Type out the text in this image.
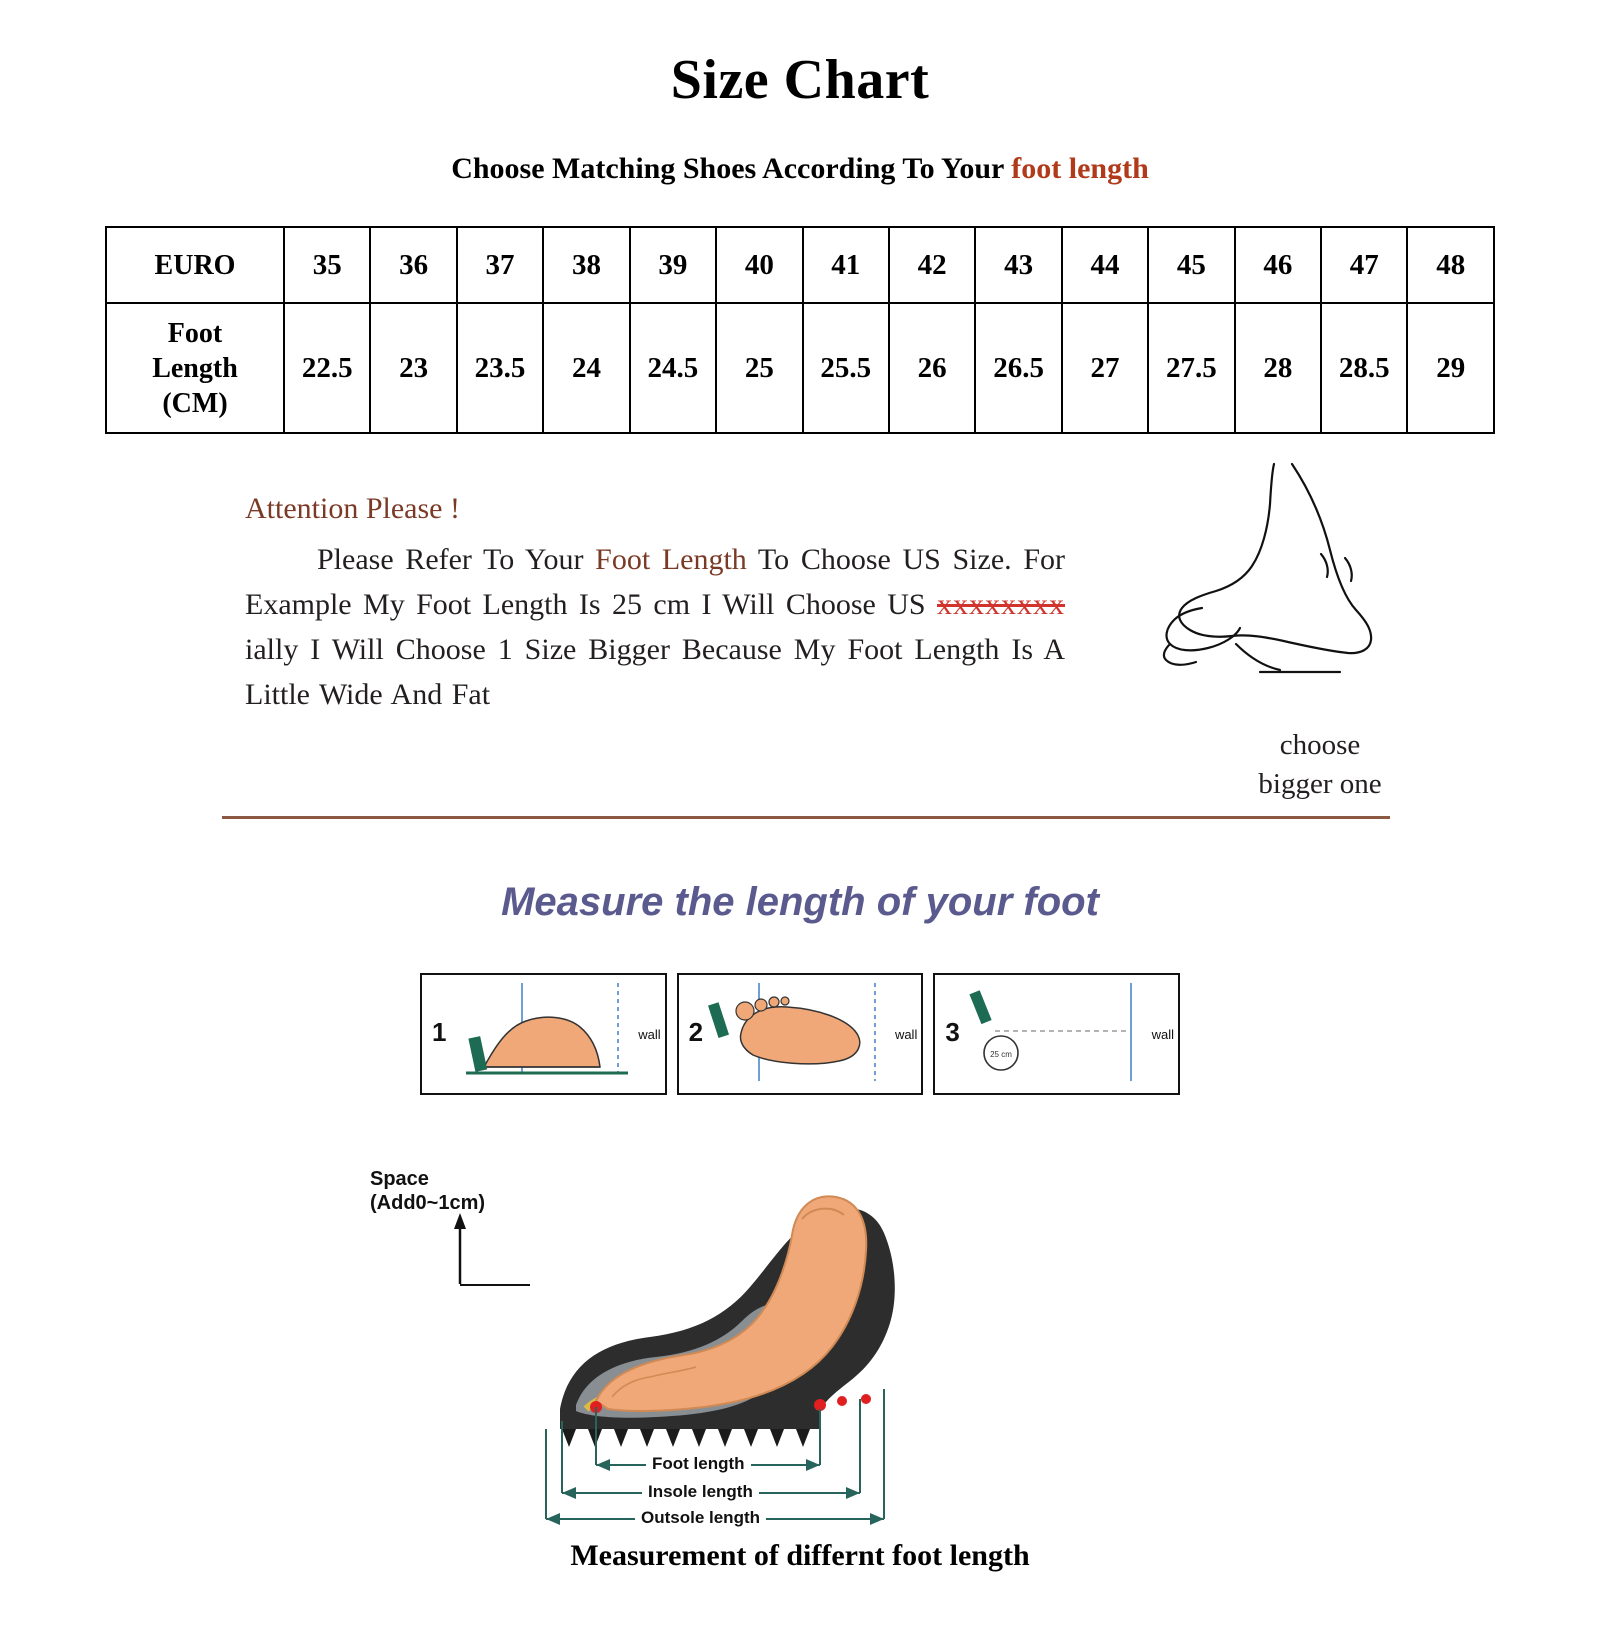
Size Chart
Choose Matching Shoes According To Your foot length
EURO	35	36	37	38	39	40	41	42	43	44	45	46	47	48

Foot
Length
(CM)	22.5	23	23.5	24	24.5	25	25.5	26	26.5	27	27.5	28	28.5	29
Attention Please !
Please Refer To Your Foot Length To Choose US Size. For Example My Foot Length Is 25 cm I Will Choose US xxxxxxxx ially I Will Choose 1 Size Bigger Because My Foot Length Is A Little Wide And Fat
choose
bigger one
Measure the length of your foot
1	wall 2	wall 3	wall
25 cm
Space
(Add0~1cm)
Foot length
Insole length
Outsole length
Measurement of differnt foot length
